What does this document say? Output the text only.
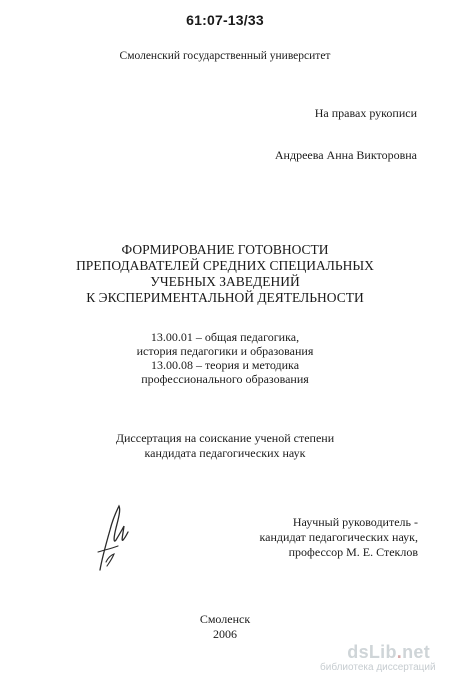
61:07-13/33
Смоленский государственный университет
На правах рукописи
Андреева Анна Викторовна
ФОРМИРОВАНИЕ ГОТОВНОСТИ
ПРЕПОДАВАТЕЛЕЙ СРЕДНИХ СПЕЦИАЛЬНЫХ
УЧЕБНЫХ ЗАВЕДЕНИЙ
К ЭКСПЕРИМЕНТАЛЬНОЙ ДЕЯТЕЛЬНОСТИ
13.00.01 – общая педагогика,
история педагогики и образования
13.00.08 – теория и методика
профессионального образования
Диссертация на соискание ученой степени
кандидата педагогических наук
Научный руководитель -
кандидат педагогических наук,
профессор М. Е. Стеклов
Смоленск
2006
dsLib.net
библиотека диссертаций
